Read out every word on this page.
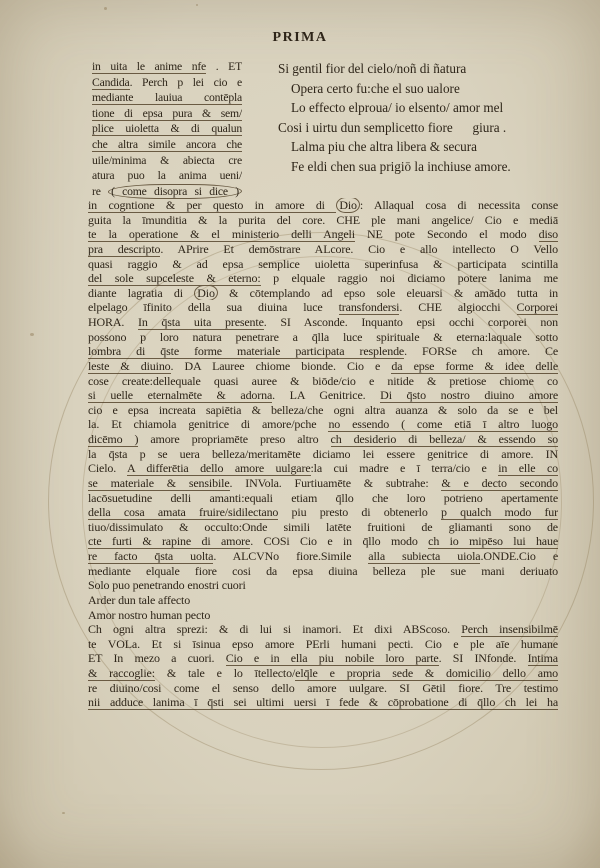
PRIMA
in uita le anime nfe . ET
Candida. Perch p lei cio e
mediante lauiua contēpla
tione di epsa pura & sem/
plice uioletta & di qualun
che altra simile ancora che
uile/minima & abiecta cre
atura puo la anima ueni/
re ( come disopra si dice )
Si gentil fior del cielo/noñ di ñatura
Opera certo fu:che el suo ualore
Lo effecto elproua/ io elsento/ amor mel
Cosi i uirtu dun semplicetto fiore      giura .
Lalma piu che altra libera & secura
Fe eldi chen sua prigiō la inchiuse amore.
in cogntione & per questo in amore di Dio : Allaqual cosa di necessita conse
guita la īmunditia & la purita del core. CHE ple mani angelice/ Cio e mediā
te la operatione & el ministerio delli Angeli NE pote Secondo el modo diso
pra descripto. APrire Et demōstrare ALcore. Cio e allo intellecto O Vello
quasi raggio & ad epsa semplice uioletta superinfusa & participata scintilla
del sole supceleste & eterno: p elquale raggio noi diciamo potere lanima me
diante lagratia di Dio & cōtemplando ad epso sole eleuarsi & amādo tutta in
elpelago īfinito della sua diuina luce transfondersi. CHE algiocchi Corporei
HORA. In q̄sta uita presente. SI Asconde. Inquanto epsi occhi corporei non
possono p loro natura penetrare a q̄lla luce spirituale & eterna:laquale sotto
lombra di q̄ste forme materiale participata resplende. FORSe ch amore. Ce
leste & diuino. DA Lauree chiome bionde. Cio e da epse forme & idee delle
cose create:dellequale quasi auree & biōde/cio e nitide & pretiose chiome co
si uelle eternalmēte & adorna. LA Genitrice. Di q̄sto nostro diuino amore
cio e epsa increata sapiētia & belleza/che ogni altra auanza & solo da se e bel
la. Et chiamola genitrice di amore/pche no essendo ( come etiā ī altro luogo
dicēmo ) amore propriamēte preso altro ch desiderio di belleza/ & essendo so
la q̄sta p se uera belleza/meritamēte diciamo lei essere genitrice di amore. IN
Cielo. A differētia dello amore uulgare:la cui madre e ī terra/cio e in elle co
se materiale & sensibile. INVola. Furtiuamēte & subtrahe: & e decto secondo
lacōsuetudine delli amanti:equali etiam q̄llo che loro potrieno apertamente
della cosa amata fruire/sidilectano piu presto di obtenerlo p qualch modo fur
tiuo/dissimulato & occulto:Onde simili latēte fruitioni de gliamanti sono de
cte furti & rapine di amore. COSi Cio e in q̄llo modo ch io mipēso lui haue
re facto q̄sta uolta. ALCVNo fiore.Simile alla subiecta uiola.ONDE.Cio e
mediante elquale fiore cosi da epsa diuina belleza ple sue mani deriuato
Solo puo penetrando enostri cuori
Arder dun tale affecto
Amor nostro human pecto
Ch ogni altra sprezi: & di lui si inamori. Et dixi ABScoso. Perch insensibilmē
te VOLa. Et si īsinua epso amore PErli humani pecti. Cio e ple aīe humane
ET In mezo a cuori. Cio e in ella piu nobile loro parte. SI INfonde. Intima
& raccoglie: & tale e lo ītellecto/elq̄le e propria sede & domicilio dello amo
re diuino/cosi come el senso dello amore uulgare. SI Gētil fiore. Tre testimo
nii adduce lanima ī q̄sti sei ultimi uersi ī fede & cōprobatione di q̄llo ch lei ha
